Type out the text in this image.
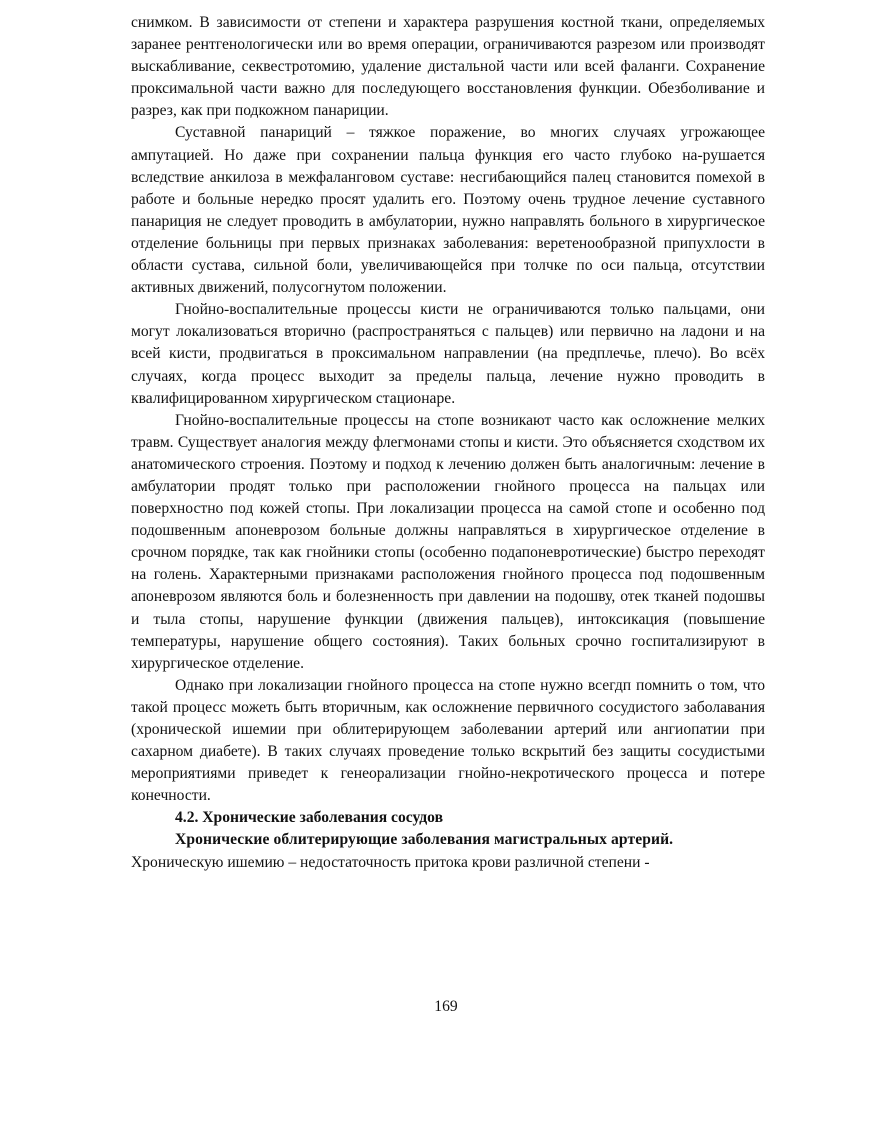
снимком. В зависимости от степени и характера разрушения костной ткани, определяемых заранее рентгенологически или во время операции, ограничиваются разрезом или производят выскабливание, секвестротомию, удаление дистальной части или всей фаланги. Сохранение проксимальной части важно для последующего восстановления функции. Обезболивание и разрез, как при подкожном панариции.

Суставной панариций – тяжкое поражение, во многих случаях угрожающее ампутацией. Но даже при сохранении пальца функция его часто глубоко на-рушается вследствие анкилоза в межфаланговом суставе: несгибающийся палец становится помехой в работе и больные нередко просят удалить его. Поэтому очень трудное лечение суставного панариция не следует проводить в амбулатории, нужно направлять больного в хирургическое отделение больницы при первых признаках заболевания: веретенообразной припухлости в области сустава, сильной боли, увеличивающейся при толчке по оси пальца, отсутствии активных движений, полусогнутом положении.

Гнойно-воспалительные процессы кисти не ограничиваются только пальцами, они могут локализоваться вторично (распространяться с пальцев) или первично на ладони и на всей кисти, продвигаться в проксимальном направлении (на предплечье, плечо). Во всёх случаях, когда процесс выходит за пределы пальца, лечение нужно проводить в квалифицированном хирургическом стационаре.

Гнойно-воспалительные процессы на стопе возникают часто как осложнение мелких травм. Существует аналогия между флегмонами стопы и кисти. Это объясняется сходством их анатомического строения. Поэтому и подход к лечению должен быть аналогичным: лечение в амбулатории продят только при расположении гнойного процесса на пальцах или поверхностно под кожей стопы. При локализации процесса на самой стопе и особенно под подошвенным апоневрозом больные должны направляться в хирургическое отделение в срочном порядке, так как гнойники стопы (особенно подапоневротические) быстро переходят на голень. Характерными признаками расположения гнойного процесса под подошвенным апоневрозом являются боль и болезненность при давлении на подошву, отек тканей подошвы и тыла стопы, нарушение функции (движения пальцев), интоксикация (повышение температуры, нарушение общего состояния). Таких больных срочно госпитализируют в хирургическое отделение.

Однако при локализации гнойного процесса на стопе нужно всегдп помнить о том, что такой процесс можеть быть вторичным, как осложнение первичного сосудистого заболавания (хронической ишемии при облитерирующем заболевании артерий или ангиопатии при сахарном диабете). В таких случаях проведение только вскрытий без защиты сосудистыми мероприятиями приведет к генеорализации гнойно-некротического процесса и потере конечности.

4.2. Хронические заболевания сосудов

Хронические облитерирующие заболевания магистральных артерий.

Хроническую ишемию – недостаточность притока крови различной степени -

169
